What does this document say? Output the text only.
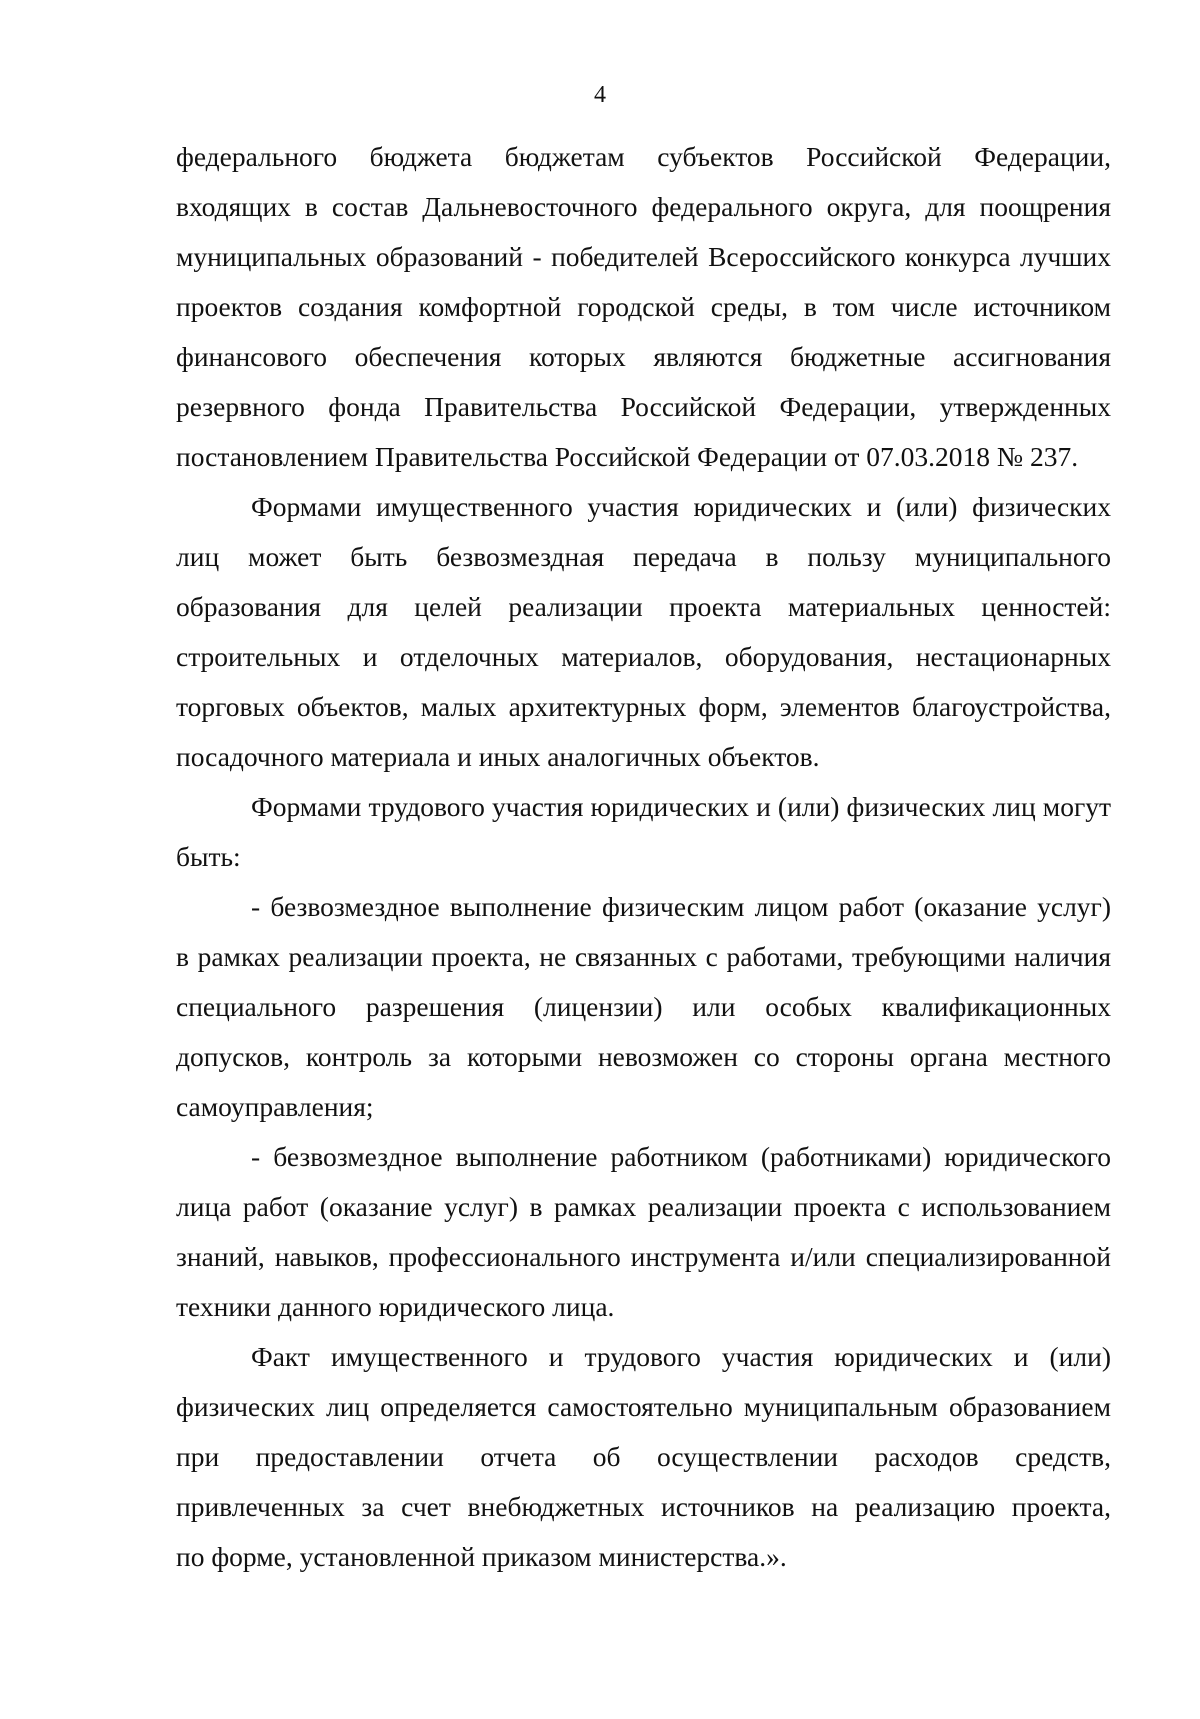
4
федерального бюджета бюджетам субъектов Российской Федерации,
входящих в состав Дальневосточного федерального округа, для поощрения
муниципальных образований - победителей Всероссийского конкурса лучших
проектов создания комфортной городской среды, в том числе источником
финансового обеспечения которых являются бюджетные ассигнования
резервного фонда Правительства Российской Федерации, утвержденных
постановлением Правительства Российской Федерации от 07.03.2018 № 237.
Формами имущественного участия юридических и (или) физических
лиц может быть безвозмездная передача в пользу муниципального
образования для целей реализации проекта материальных ценностей:
строительных и отделочных материалов, оборудования, нестационарных
торговых объектов, малых архитектурных форм, элементов благоустройства,
посадочного материала и иных аналогичных объектов.
Формами трудового участия юридических и (или) физических лиц могут
быть:
- безвозмездное выполнение физическим лицом работ (оказание услуг)
в рамках реализации проекта, не связанных с работами, требующими наличия
специального разрешения (лицензии) или особых квалификационных
допусков, контроль за которыми невозможен со стороны органа местного
самоуправления;
- безвозмездное выполнение работником (работниками) юридического
лица работ (оказание услуг) в рамках реализации проекта с использованием
знаний, навыков, профессионального инструмента и/или специализированной
техники данного юридического лица.
Факт имущественного и трудового участия юридических и (или)
физических лиц определяется самостоятельно муниципальным образованием
при предоставлении отчета об осуществлении расходов средств,
привлеченных за счет внебюджетных источников на реализацию проекта,
по форме, установленной приказом министерства.».
